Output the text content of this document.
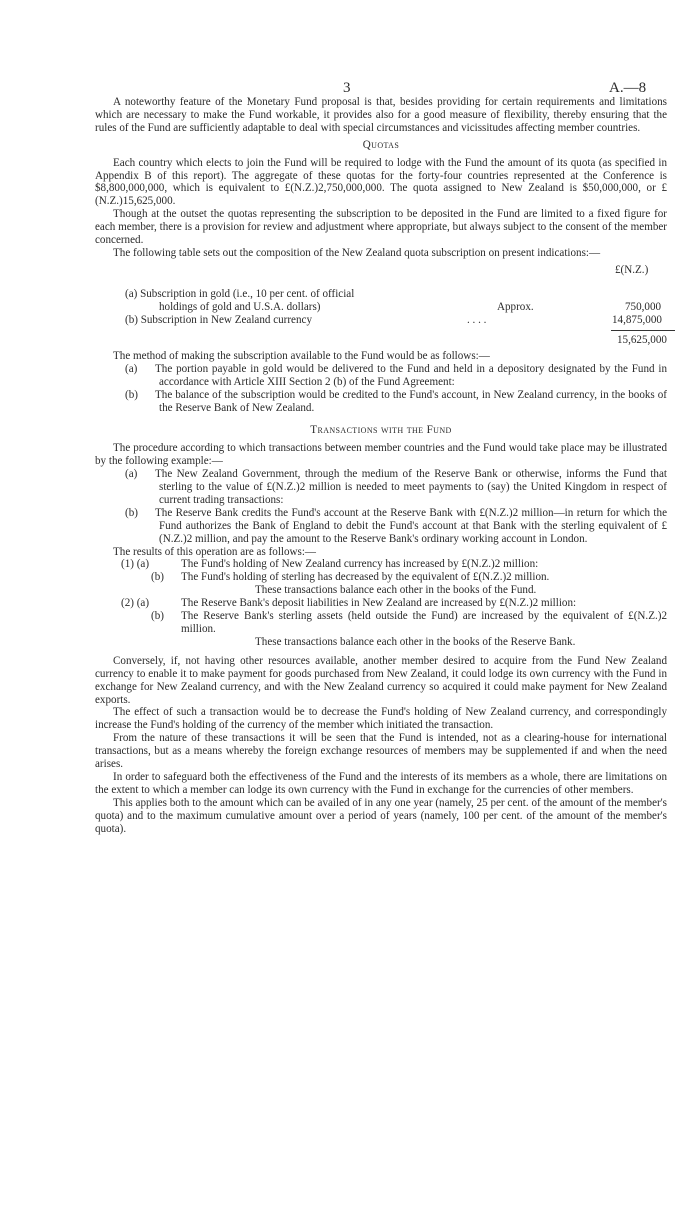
3	A.—8

A noteworthy feature of the Monetary Fund proposal is that, besides providing for certain requirements and limitations which are necessary to make the Fund workable, it provides also for a good measure of flexibility, thereby ensuring that the rules of the Fund are sufficiently adaptable to deal with special circumstances and vicissitudes affecting member countries.

Quotas

Each country which elects to join the Fund will be required to lodge with the Fund the amount of its quota (as specified in Appendix B of this report). The aggregate of these quotas for the forty-four countries represented at the Conference is $8,800,000,000, which is equivalent to £(N.Z.)2,750,000,000. The quota assigned to New Zealand is $50,000,000, or £(N.Z.)15,625,000.

Though at the outset the quotas representing the subscription to be deposited in the Fund are limited to a fixed figure for each member, there is a provision for review and adjustment where appropriate, but always subject to the consent of the member concerned.

The following table sets out the composition of the New Zealand quota subscription on present indications:—

£(N.Z.)
(a) Subscription in gold (i.e., 10 per cent. of official
holdings of gold and U.S.A. dollars)	Approx.	750,000
(b) Subscription in New Zealand currency	. . . .	14,875,000
15,625,000

The method of making the subscription available to the Fund would be as follows:—

(a) The portion payable in gold would be delivered to the Fund and held in a depository designated by the Fund in accordance with Article XIII Section 2 (b) of the Fund Agreement:

(b) The balance of the subscription would be credited to the Fund's account, in New Zealand currency, in the books of the Reserve Bank of New Zealand.

Transactions with the Fund

The procedure according to which transactions between member countries and the Fund would take place may be illustrated by the following example:—

(a) The New Zealand Government, through the medium of the Reserve Bank or otherwise, informs the Fund that sterling to the value of £(N.Z.)2 million is needed to meet payments to (say) the United Kingdom in respect of current trading transactions:

(b) The Reserve Bank credits the Fund's account at the Reserve Bank with £(N.Z.)2 million—in return for which the Fund authorizes the Bank of England to debit the Fund's account at that Bank with the sterling equivalent of £(N.Z.)2 million, and pay the amount to the Reserve Bank's ordinary working account in London.

The results of this operation are as follows:—

(1) (a)	The Fund's holding of New Zealand currency has increased by £(N.Z.)2 million:

(b) The Fund's holding of sterling has decreased by the equivalent of £(N.Z.)2 million.

These transactions balance each other in the books of the Fund.

(2) (a)	The Reserve Bank's deposit liabilities in New Zealand are increased by £(N.Z.)2 million:

(b) The Reserve Bank's sterling assets (held outside the Fund) are increased by the equivalent of £(N.Z.)2 million.

These transactions balance each other in the books of the Reserve Bank.

Conversely, if, not having other resources available, another member desired to acquire from the Fund New Zealand currency to enable it to make payment for goods purchased from New Zealand, it could lodge its own currency with the Fund in exchange for New Zealand currency, and with the New Zealand currency so acquired it could make payment for New Zealand exports.

The effect of such a transaction would be to decrease the Fund's holding of New Zealand currency, and correspondingly increase the Fund's holding of the currency of the member which initiated the transaction.

From the nature of these transactions it will be seen that the Fund is intended, not as a clearing-house for international transactions, but as a means whereby the foreign exchange resources of members may be supplemented if and when the need arises.

In order to safeguard both the effectiveness of the Fund and the interests of its members as a whole, there are limitations on the extent to which a member can lodge its own currency with the Fund in exchange for the currencies of other members.

This applies both to the amount which can be availed of in any one year (namely, 25 per cent. of the amount of the member's quota) and to the maximum cumulative amount over a period of years (namely, 100 per cent. of the amount of the member's quota).
